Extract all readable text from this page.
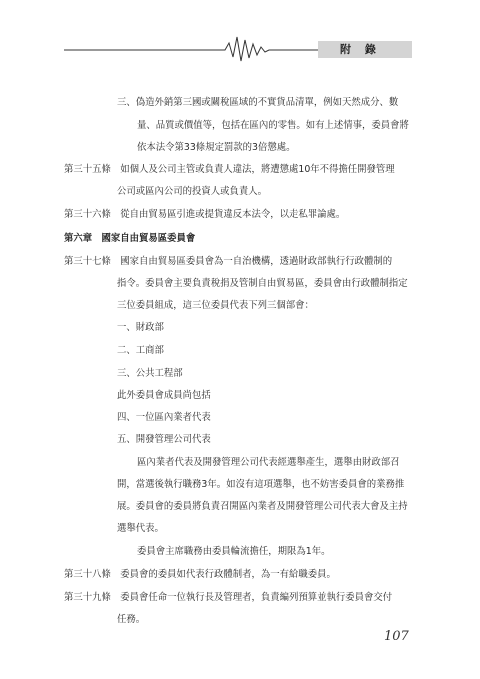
附 錄
三、偽造外銷第三國或關稅區域的不實貨品清單，例如天然成分、數
量、品質或價值等，包括在區內的零售。如有上述情事，委員會將
依本法令第33條規定罰款的3倍懲處。
第三十五條　如個人及公司主管或負責人違法，將遭懲處10年不得擔任開發管理
公司或區內公司的投資人或負責人。
第三十六條　從自由貿易區引進或提貨違反本法令，以走私罪論處。
第六章　國家自由貿易區委員會
第三十七條　國家自由貿易區委員會為一自治機構，透過財政部執行行政體制的
指令。委員會主要負責稅捐及管制自由貿易區，委員會由行政體制指定
三位委員組成，這三位委員代表下列三個部會：
一、財政部
二、工商部
三、公共工程部
此外委員會成員尚包括
四、一位區內業者代表
五、開發管理公司代表
區內業者代表及開發管理公司代表經選舉產生，選舉由財政部召
開，當選後執行職務3年。如沒有這項選舉，也不妨害委員會的業務推
展。委員會的委員將負責召開區內業者及開發管理公司代表大會及主持
選舉代表。
委員會主席職務由委員輪流擔任，期限為1年。
第三十八條　委員會的委員如代表行政體制者，為一有給職委員。
第三十九條　委員會任命一位執行長及管理者，負責編列預算並執行委員會交付
任務。
107
